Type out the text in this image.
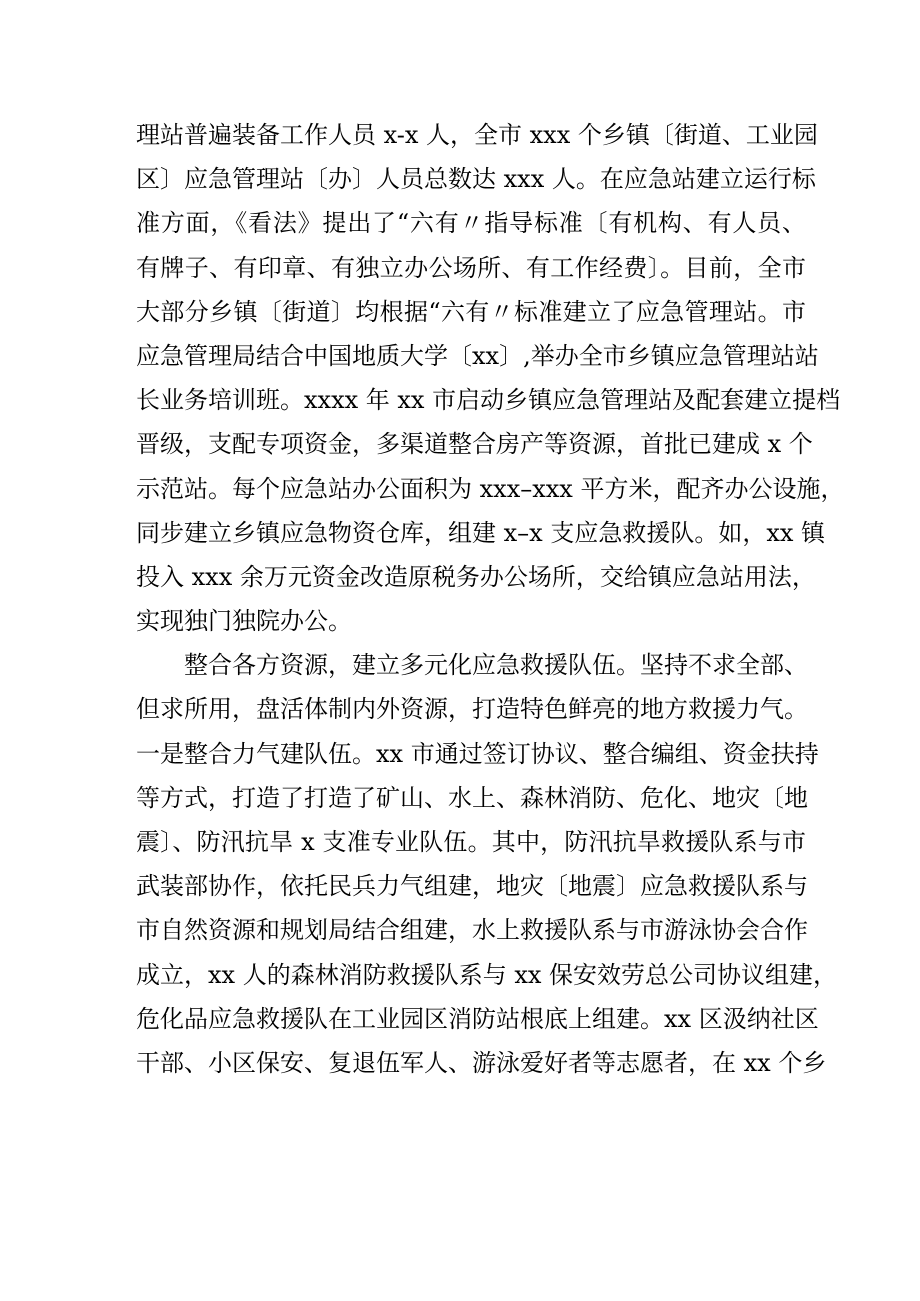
理站普遍装备工作人员 x-x 人，全市 xxx 个乡镇〔街道、工业园
区〕应急管理站〔办〕人员总数达 xxx 人。在应急站建立运行标
准方面，《看法》提出了“六有〃指导标准〔有机构、有人员、
有牌子、有印章、有独立办公场所、有工作经费〕。目前，全市
大部分乡镇〔街道〕均根据“六有〃标准建立了应急管理站。市
应急管理局结合中国地质大学〔xx〕,举办全市乡镇应急管理站站
长业务培训班。xxxx 年 xx 市启动乡镇应急管理站及配套建立提档
晋级，支配专项资金，多渠道整合房产等资源，首批已建成 x 个
示范站。每个应急站办公面积为 xxx–xxx 平方米，配齐办公设施，
同步建立乡镇应急物资仓库，组建 x–x 支应急救援队。如，xx 镇
投入 xxx 余万元资金改造原税务办公场所，交给镇应急站用法，
实现独门独院办公。
整合各方资源，建立多元化应急救援队伍。坚持不求全部、
但求所用，盘活体制内外资源，打造特色鲜亮的地方救援力气。
一是整合力气建队伍。xx 市通过签订协议、整合编组、资金扶持
等方式，打造了打造了矿山、水上、森林消防、危化、地灾〔地
震〕、防汛抗旱 x 支准专业队伍。其中，防汛抗旱救援队系与市
武装部协作，依托民兵力气组建，地灾〔地震〕应急救援队系与
市自然资源和规划局结合组建，水上救援队系与市游泳协会合作
成立，xx 人的森林消防救援队系与 xx 保安效劳总公司协议组建，
危化品应急救援队在工业园区消防站根底上组建。xx 区汲纳社区
干部、小区保安、复退伍军人、游泳爱好者等志愿者，在 xx 个乡
